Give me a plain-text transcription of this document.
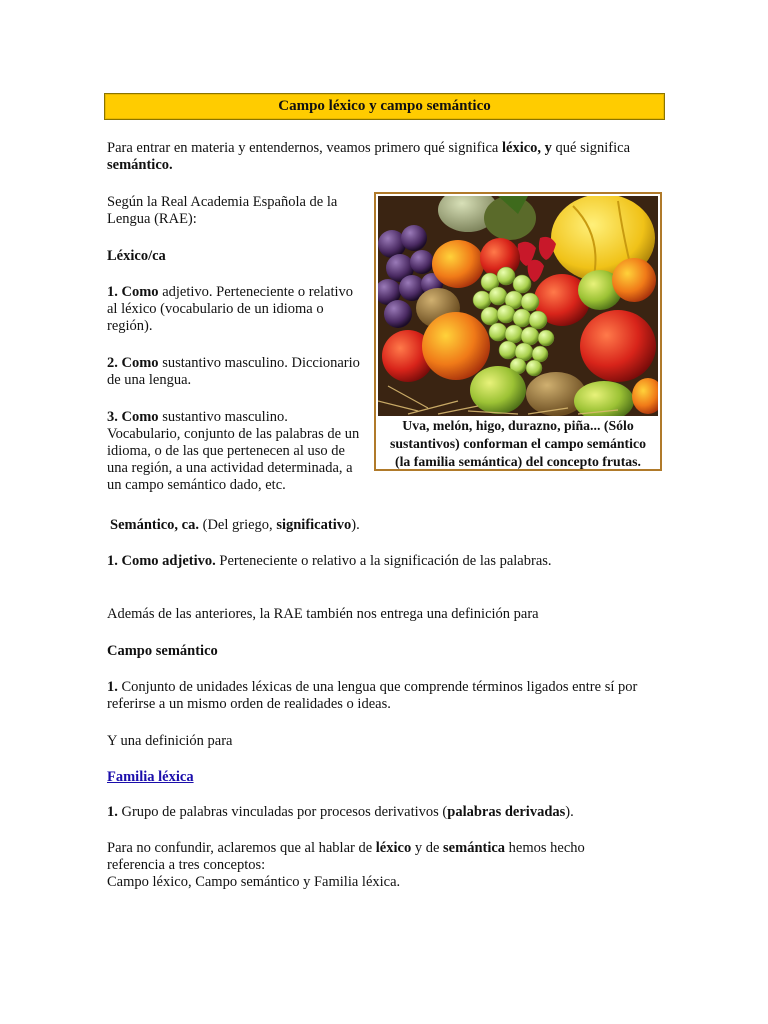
Campo léxico y campo semántico

Para entrar en materia y entendernos, veamos primero qué significa léxico, y qué significa
semántico.

Según la Real Academia Española de la
Lengua (RAE):

Léxico/ca

1. Como adjetivo. Perteneciente o relativo
al léxico (vocabulario de un idioma o
región).

2. Como sustantivo masculino. Diccionario
de una lengua.

3. Como sustantivo masculino.
Vocabulario, conjunto de las palabras de un
idioma, o de las que pertenecen al uso de
una región, a una actividad determinada, a
un campo semántico dado, etc.

Uva, melón, higo, durazno, piña... (Sólo
sustantivos) conforman el campo semántico
(la familia semántica) del concepto frutas.

Semántico, ca. (Del griego, significativo).

1. Como adjetivo. Perteneciente o relativo a la significación de las palabras.

Además de las anteriores, la RAE también nos entrega una definición para

Campo semántico

1. Conjunto de unidades léxicas de una lengua que comprende términos ligados entre sí por
referirse a un mismo orden de realidades o ideas.

Y una definición para

Familia léxica

1. Grupo de palabras vinculadas por procesos derivativos (palabras derivadas).

Para no confundir, aclaremos que al hablar de léxico y de semántica hemos hecho
referencia a tres conceptos:
Campo léxico, Campo semántico y Familia léxica.
